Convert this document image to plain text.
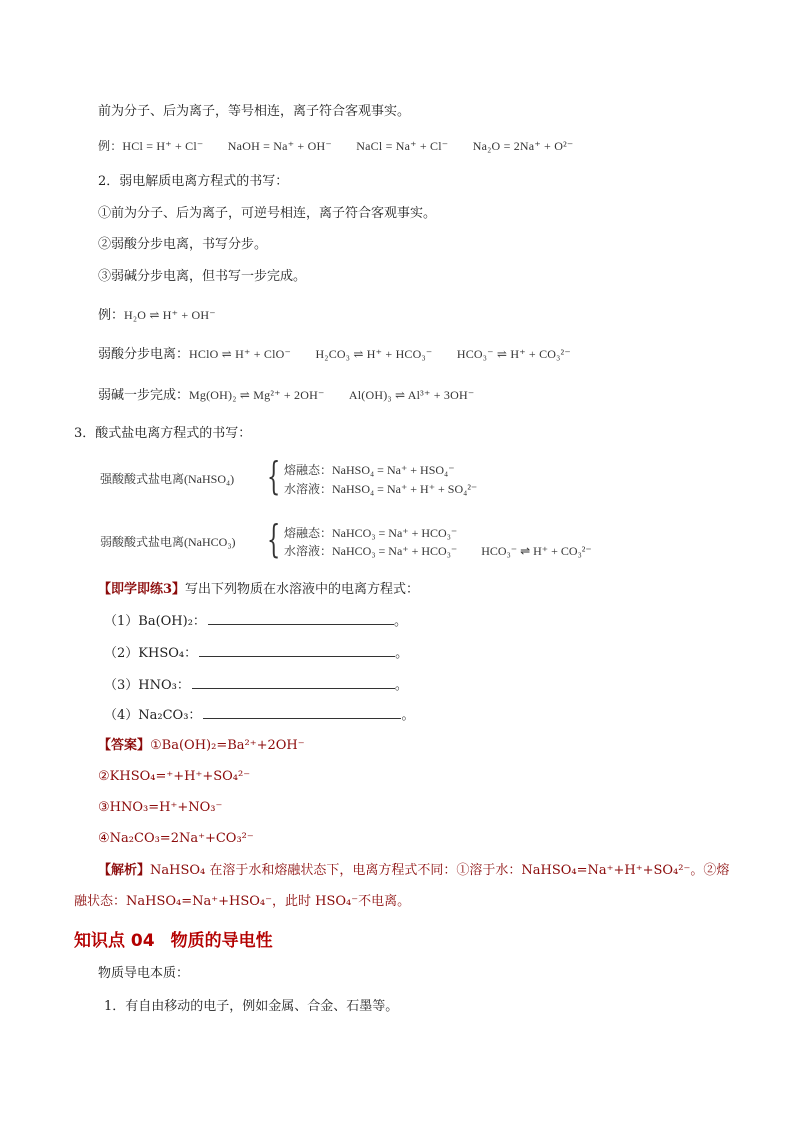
前为分子、后为离子，等号相连，离子符合客观事实。
例：HCl = H⁺ + Cl⁻　　NaOH = Na⁺ + OH⁻　　NaCl = Na⁺ + Cl⁻　　Na₂O = 2Na⁺ + O²⁻
2．弱电解质电离方程式的书写：
①前为分子、后为离子，可逆号相连，离子符合客观事实。
②弱酸分步电离，书写分步。
③弱碱分步电离，但书写一步完成。
例：H₂O ⇌ H⁺ + OH⁻
弱酸分步电离：HClO ⇌ H⁺ + ClO⁻　　H₂CO₃ ⇌ H⁺ + HCO₃⁻　　HCO₃⁻ ⇌ H⁺ + CO₃²⁻
弱碱一步完成：Mg(OH)₂ ⇌ Mg²⁺ + 2OH⁻　　Al(OH)₃ ⇌ Al³⁺ + 3OH⁻
3．酸式盐电离方程式的书写：
强酸酸式盐电离(NaHSO₄) { 熔融态：NaHSO₄ = Na⁺ + HSO₄⁻
水溶液：NaHSO₄ = Na⁺ + H⁺ + SO₄²⁻
弱酸酸式盐电离(NaHCO₃) { 熔融态：NaHCO₃ = Na⁺ + HCO₃⁻
水溶液：NaHCO₃ = Na⁺ + HCO₃⁻　　HCO₃⁻ ⇌ H⁺ + CO₃²⁻
【即学即练3】写出下列物质在水溶液中的电离方程式：
（1）Ba(OH)₂：	。
（2）KHSO₄：	。
（3）HNO₃：	。
（4）Na₂CO₃：	。
【答案】①Ba(OH)₂=Ba²⁺+2OH⁻
②KHSO₄=⁺+H⁺+SO₄²⁻
③HNO₃=H⁺+NO₃⁻
④Na₂CO₃=2Na⁺+CO₃²⁻
【解析】NaHSO₄ 在溶于水和熔融状态下，电离方程式不同：①溶于水：NaHSO₄=Na⁺+H⁺+SO₄²⁻。②熔
融状态：NaHSO₄=Na⁺+HSO₄⁻，此时 HSO₄⁻不电离。
知识点 04 物质的导电性
物质导电本质：
1．有自由移动的电子，例如金属、合金、石墨等。
